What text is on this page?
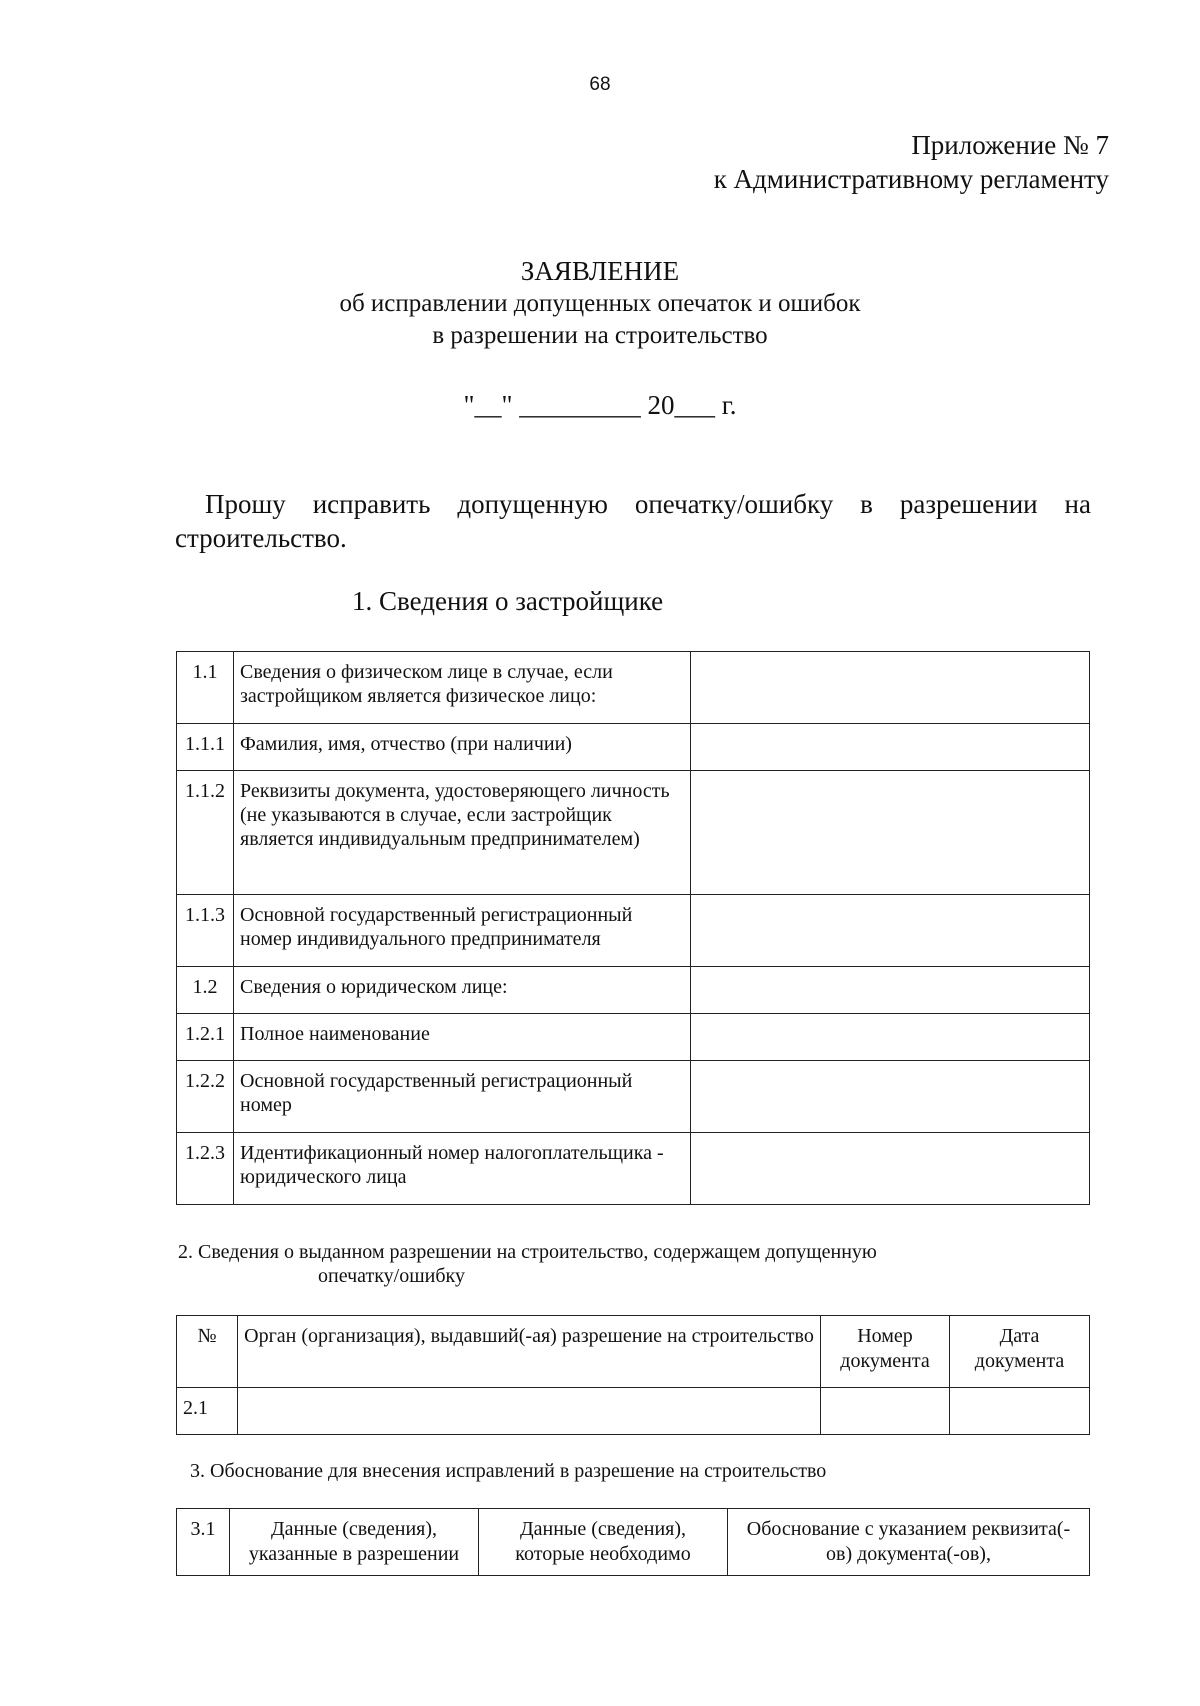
68
Приложение № 7
к Административному регламенту
ЗАЯВЛЕНИЕ
об исправлении допущенных опечаток и ошибок
в разрешении на строительство
"__" _________ 20___ г.
Прошу исправить допущенную опечатку/ошибку в разрешении на
строительство.
1. Сведения о застройщике
1.1	Сведения о физическом лице в случае, если застройщиком является физическое лицо:	
1.1.1	Фамилия, имя, отчество (при наличии)	
1.1.2	Реквизиты документа, удостоверяющего личность (не указываются в случае, если застройщик является индивидуальным предпринимателем)	
1.1.3	Основной государственный регистрационный номер индивидуального предпринимателя	
1.2	Сведения о юридическом лице:	
1.2.1	Полное наименование	
1.2.2	Основной государственный регистрационный номер	
1.2.3	Идентификационный номер налогоплательщика - юридического лица	
2. Сведения о выданном разрешении на строительство, содержащем допущенную
опечатку/ошибку
№	Орган (организация), выдавший(-ая) разрешение на строительство	Номер документа	Дата документа
2.1			
3. Обоснование для внесения исправлений в разрешение на строительство
3.1	Данные (сведения), указанные в разрешении	Данные (сведения), которые необходимо	Обоснование с указанием реквизита(-ов) документа(-ов),
